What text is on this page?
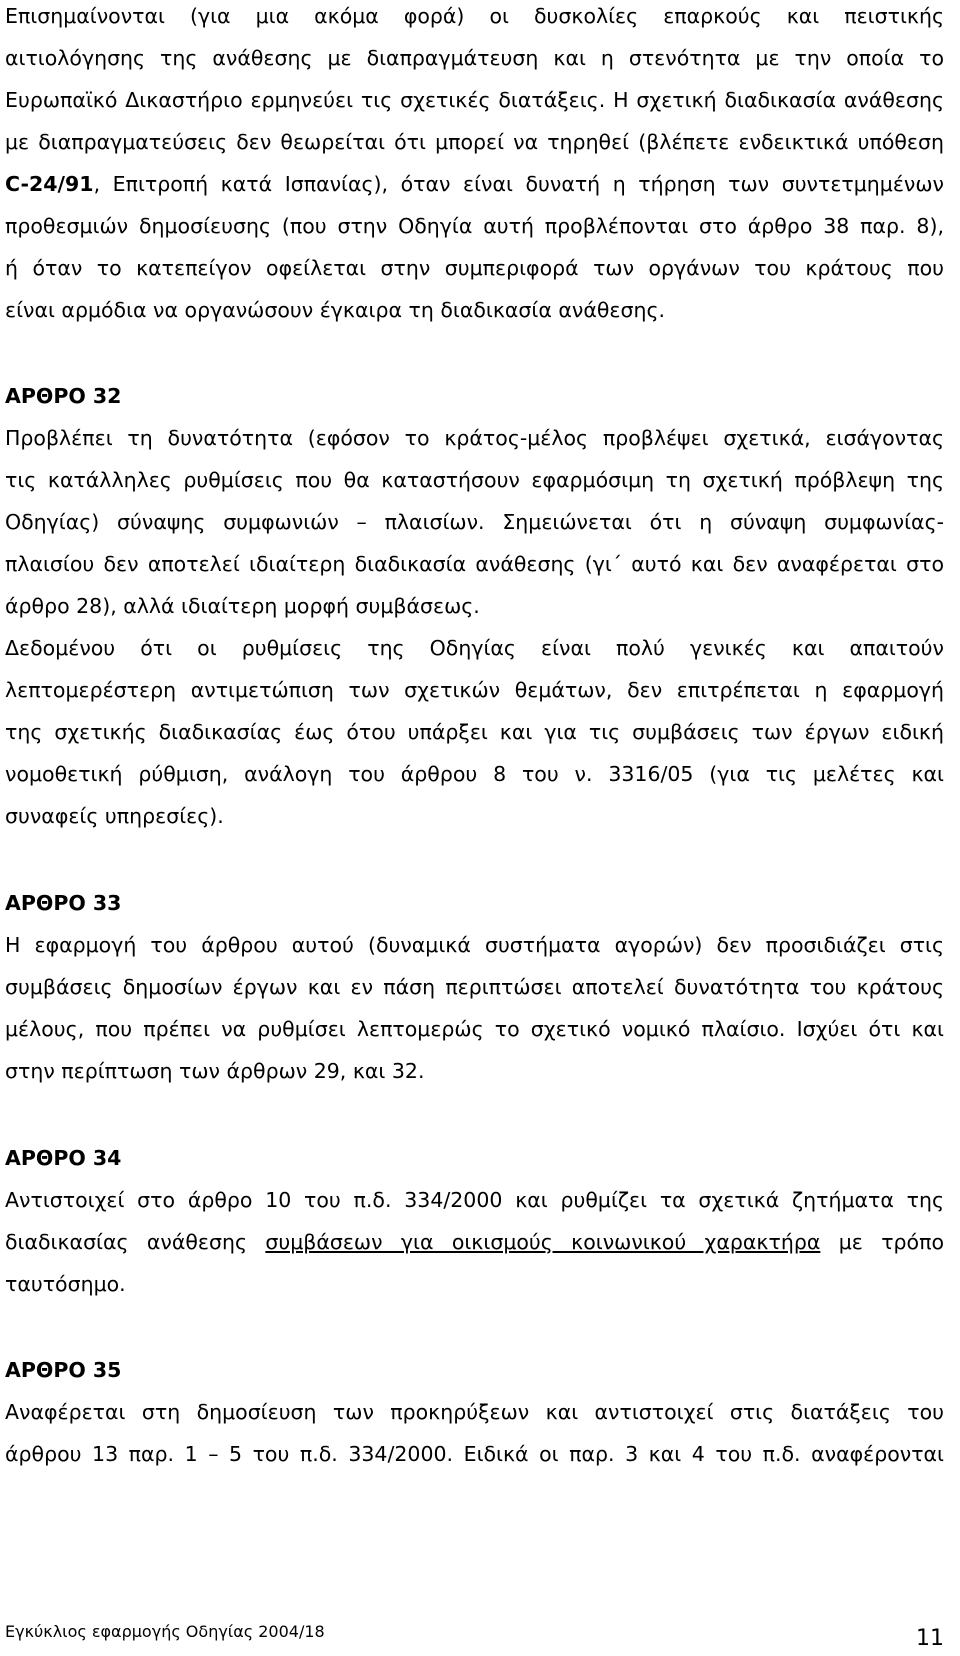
Επισημαίνονται (για μια ακόμα φορά) οι δυσκολίες επαρκούς και πειστικής
αιτιολόγησης της ανάθεσης με διαπραγμάτευση και η στενότητα με την οποία το
Ευρωπαϊκό Δικαστήριο ερμηνεύει τις σχετικές διατάξεις. Η σχετική διαδικασία ανάθεσης
με διαπραγματεύσεις δεν θεωρείται ότι μπορεί να τηρηθεί (βλέπετε ενδεικτικά υπόθεση
C-24/91, Επιτροπή κατά Ισπανίας), όταν είναι δυνατή η τήρηση των συντετμημένων
προθεσμιών δημοσίευσης (που στην Οδηγία αυτή προβλέπονται στο άρθρο 38 παρ. 8),
ή όταν το κατεπείγον οφείλεται στην συμπεριφορά των οργάνων του κράτους που
είναι αρμόδια να οργανώσουν έγκαιρα τη διαδικασία ανάθεσης.
ΑΡΘΡΟ 32
Προβλέπει τη δυνατότητα (εφόσον το κράτος-μέλος προβλέψει σχετικά, εισάγοντας
τις κατάλληλες ρυθμίσεις που θα καταστήσουν εφαρμόσιμη τη σχετική πρόβλεψη της
Οδηγίας) σύναψης συμφωνιών – πλαισίων. Σημειώνεται ότι η σύναψη συμφωνίας-
πλαισίου δεν αποτελεί ιδιαίτερη διαδικασία ανάθεσης (γι΄ αυτό και δεν αναφέρεται στο
άρθρο 28), αλλά ιδιαίτερη μορφή συμβάσεως.
Δεδομένου ότι οι ρυθμίσεις της Οδηγίας είναι πολύ γενικές και απαιτούν
λεπτομερέστερη αντιμετώπιση των σχετικών θεμάτων, δεν επιτρέπεται η εφαρμογή
της σχετικής διαδικασίας έως ότου υπάρξει και για τις συμβάσεις των έργων ειδική
νομοθετική ρύθμιση, ανάλογη του άρθρου 8 του ν. 3316/05 (για τις μελέτες και
συναφείς υπηρεσίες).
ΑΡΘΡΟ 33
Η εφαρμογή του άρθρου αυτού (δυναμικά συστήματα αγορών) δεν προσιδιάζει στις
συμβάσεις δημοσίων έργων και εν πάση περιπτώσει αποτελεί δυνατότητα του κράτους
μέλους, που πρέπει να ρυθμίσει λεπτομερώς το σχετικό νομικό πλαίσιο. Ισχύει ότι και
στην περίπτωση των άρθρων 29, και 32.
ΑΡΘΡΟ 34
Αντιστοιχεί στο άρθρο 10 του π.δ. 334/2000 και ρυθμίζει τα σχετικά ζητήματα της
διαδικασίας ανάθεσης συμβάσεων για οικισμούς κοινωνικού χαρακτήρα με τρόπο
ταυτόσημο.
ΑΡΘΡΟ 35
Αναφέρεται στη δημοσίευση των προκηρύξεων και αντιστοιχεί στις διατάξεις του
άρθρου 13 παρ. 1 – 5 του π.δ. 334/2000. Ειδικά οι παρ. 3 και 4 του π.δ. αναφέρονται
Εγκύκλιος εφαρμογής Οδηγίας 2004/18	11
